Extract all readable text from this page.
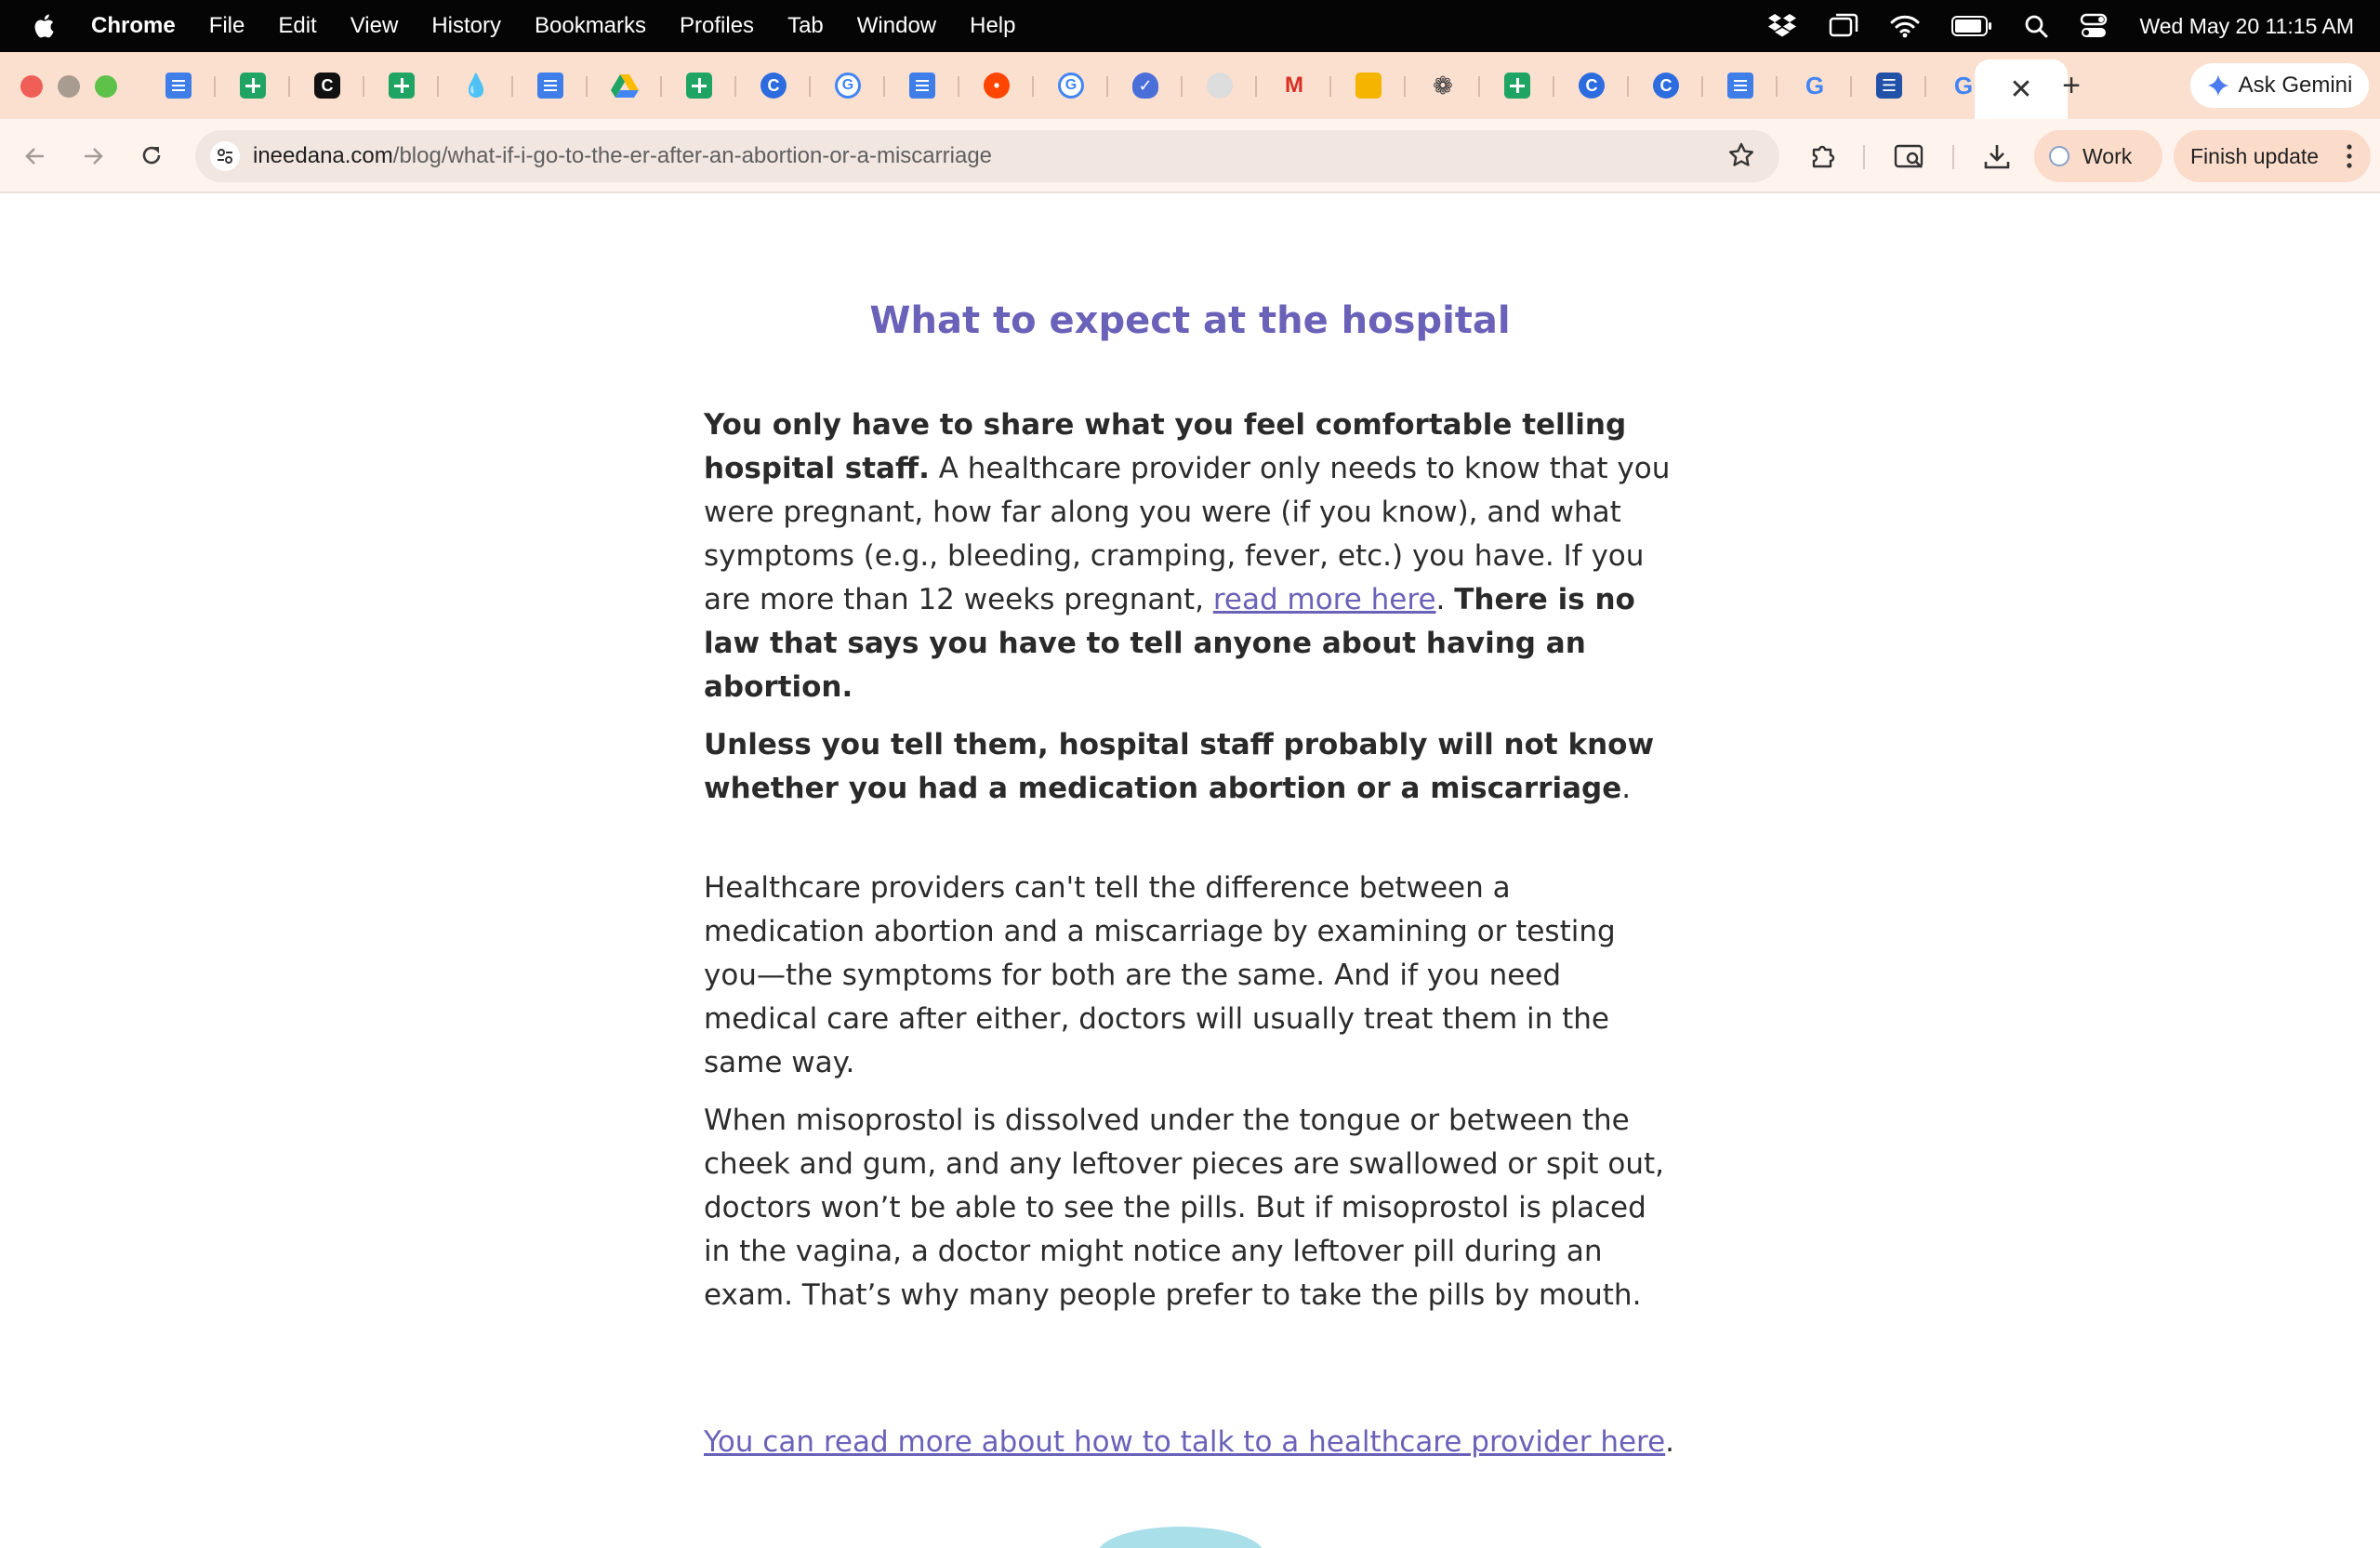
Chrome File Edit View History Bookmarks Profiles Tab Window Help	Wed May 20 11:15 AM
C	💧	C	G	•	G	✓	M	❁	C	C	G	☰ G ✕ +	Ask Gemini
ineedana.com/blog/what-if-i-go-to-the-er-after-an-abortion-or-a-miscarriage	Work	Finish update
What to expect at the hospital

You only have to share what you feel comfortable telling hospital staff. A healthcare provider only needs to know that you were pregnant, how far along you were (if you know), and what symptoms (e.g., bleeding, cramping, fever, etc.) you have. If you are more than 12 weeks pregnant, read more here. There is no law that says you have to tell anyone about having an abortion.

Unless you tell them, hospital staff probably will not know whether you had a medication abortion or a miscarriage.

Healthcare providers can't tell the difference between a medication abortion and a miscarriage by examining or testing you—the symptoms for both are the same. And if you need medical care after either, doctors will usually treat them in the same way.

When misoprostol is dissolved under the tongue or between the cheek and gum, and any leftover pieces are swallowed or spit out, doctors won’t be able to see the pills. But if misoprostol is placed in the vagina, a doctor might notice any leftover pill during an exam. That’s why many people prefer to take the pills by mouth.

You can read more about how to talk to a healthcare provider here.
